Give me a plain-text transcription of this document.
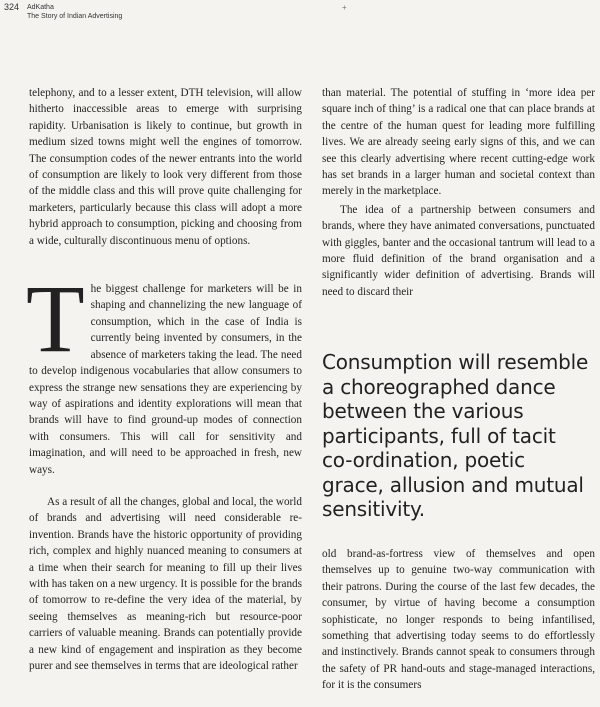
324 AdKatha
The Story of Indian Advertising
+

telephony, and to a lesser extent, DTH television, will allow hitherto inaccessible areas to emerge with surprising rapidity. Urbanisation is likely to continue, but growth in medium sized towns might well the engines of tomorrow. The consumption codes of the newer entrants into the world of consumption are likely to look very different from those of the middle class and this will prove quite challenging for marketers, particularly because this class will adopt a more hybrid approach to consumption, picking and choosing from a wide, culturally discontinuous menu of options.

T he biggest challenge for marketers will be in shaping and channelizing the new language of consumption, which in the case of India is currently being invented by consumers, in the absence of marketers taking the lead. The need to develop indigenous vocabularies that allow consumers to express the strange new sensations they are experiencing by way of aspirations and identity explorations will mean that brands will have to find ground-up modes of connection with consumers. This will call for sensitivity and imagination, and will need to be approached in fresh, new ways.

As a result of all the changes, global and local, the world of brands and advertising will need considerable re-invention. Brands have the historic opportunity of providing rich, complex and highly nuanced meaning to consumers at a time when their search for meaning to fill up their lives with has taken on a new urgency. It is possible for the brands of tomorrow to re-define the very idea of the material, by seeing themselves as meaning-rich but resource-poor carriers of valuable meaning. Brands can potentially provide a new kind of engagement and inspiration as they become purer and see themselves in terms that are ideological rather

than material. The potential of stuffing in ‘more idea per square inch of thing’ is a radical one that can place brands at the centre of the human quest for leading more fulfilling lives. We are already seeing early signs of this, and we can see this clearly advertising where recent cutting-edge work has set brands in a larger human and societal context than merely in the marketplace.

The idea of a partnership between consumers and brands, where they have animated conversations, punctuated with giggles, banter and the occasional tantrum will lead to a more fluid definition of the brand organisation and a significantly wider definition of advertising. Brands will need to discard their

Consumption will resemble a choreographed dance between the various participants, full of tacit co-ordination, poetic grace, allusion and mutual sensitivity.

old brand-as-fortress view of themselves and open themselves up to genuine two-way communication with their patrons. During the course of the last few decades, the consumer, by virtue of having become a consumption sophisticate, no longer responds to being infantilised, something that advertising today seems to do effortlessly and instinctively. Brands cannot speak to consumers through the safety of PR hand-outs and stage-managed interactions, for it is the consumers
